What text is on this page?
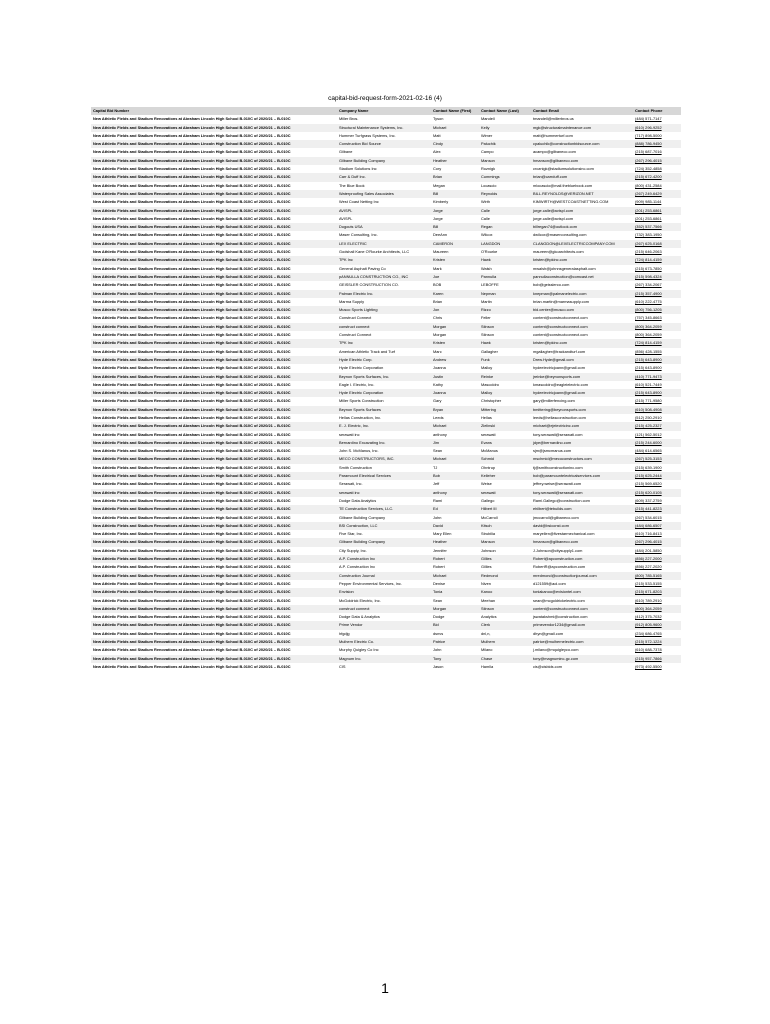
capital-bid-request-form-2021-02-16 (4)
Capital Bid Number	Company Name	Contact Name (First)	Contact Name (Last)	Contact Email	Contact Phone
New Athletic Fields and Stadium Renovations at Abraham Lincoln High School B-010C of 2020/21 – B-010C	Miller Bros.	Tyson	Mandell	tmandell@millerbros.us	(484) 571-7147
New Athletic Fields and Stadium Renovations at Abraham Lincoln High School B-010C of 2020/21 – B-010C	Structural Maintenance Systems, Inc.	Michael	Kelly	mgk@structuralmaintenance.com	(610) 296-9252
New Athletic Fields and Stadium Renovations at Abraham Lincoln High School B-010C of 2020/21 – B-010C	Hummer Turfgrass Systems, Inc.	Matt	Wimer	matt@hummerturf.com	(717) 898-5000
New Athletic Fields and Stadium Renovations at Abraham Lincoln High School B-010C of 2020/21 – B-010C	Construction Bid Source	Cindy	Paluchik	cpaluchik@constructionbidsource.com	(888) 786-9450
New Athletic Fields and Stadium Renovations at Abraham Lincoln High School B-010C of 2020/21 – B-010C	Gilbane	Alex	Campo	acampo@gilbaneco.com	(215) 687-7016
New Athletic Fields and Stadium Renovations at Abraham Lincoln High School B-010C of 2020/21 – B-010C	Gilbane Building Company	Heather	Manson	hmanson@gilbaneco.com	(267) 296-4015
New Athletic Fields and Stadium Renovations at Abraham Lincoln High School B-010C of 2020/21 – B-010C	Stadium Solutions Inc	Cory	Roznigk	croznigk@stadiumsolutionsinc.com	(724) 352-4858
New Athletic Fields and Stadium Renovations at Abraham Lincoln High School B-010C of 2020/21 – B-010C	Carr & Duff Inc.	Brian	Cummings	brian@carrduff.com	(215) 672-4200
New Athletic Fields and Stadium Renovations at Abraham Lincoln High School B-010C of 2020/21 – B-010C	The Blue Book	Megan	Locascio	mlocascio@mail.thebluebook.com	(800) 431-2584
New Athletic Fields and Stadium Renovations at Abraham Lincoln High School B-010C of 2020/21 – B-010C	Waterproofing Sales Associates	Bill	Reynolds	BILL.REYNOLDS@VERIZON.NET	(267) 249-6429
New Athletic Fields and Stadium Renovations at Abraham Lincoln High School B-010C of 2020/21 – B-010C	West Coast Netting Inc	Kimberly	Wirth	KIMWIRTH@WESTCOASTNETTING.COM	(909) 985-1144
New Athletic Fields and Stadium Renovations at Abraham Lincoln High School B-010C of 2020/21 – B-010C	AVISPL	Jorge	Calle	jorge.calle@avispl.com	(201) 253-6861
New Athletic Fields and Stadium Renovations at Abraham Lincoln High School B-010C of 2020/21 – B-010C	AVISPL	Jorge	Calle	jorge.calle@avispl.com	(201) 253-6861
New Athletic Fields and Stadium Renovations at Abraham Lincoln High School B-010C of 2020/21 – B-010C	Dugouts USA	Bill	Regan	billregan74@outlook.com	(352) 537-7566
New Athletic Fields and Stadium Renovations at Abraham Lincoln High School B-010C of 2020/21 – B-010C	Maser Consulting, Inc.	DeeAnn	Wilcox	dwilcox@maserconsulting.com	(732) 383-1950
New Athletic Fields and Stadium Renovations at Abraham Lincoln High School B-010C of 2020/21 – B-010C	LEX ELECTRIC	CAMERON	LANGDON	CLANGDON@LEXELECTRICCOMPANY.COM	(267) 625-0168
New Athletic Fields and Stadium Renovations at Abraham Lincoln High School B-010C of 2020/21 – B-010C	Godshall Kane O'Rourke Architects, LLC	Maureen	O'Rourke	maureen@gkoarchitects.com	(215) 646-2063
New Athletic Fields and Stadium Renovations at Abraham Lincoln High School B-010C of 2020/21 – B-010C	TPK Inc	Kristen	Hawk	kristen@tpkinc.com	(724) 814-4159
New Athletic Fields and Stadium Renovations at Abraham Lincoln High School B-010C of 2020/21 – B-010C	General Asphalt Paving Co	Mark	Walsh	mwalsh@johnnsgeneralasphalt.com	(215) 673-7850
New Athletic Fields and Stadium Renovations at Abraham Lincoln High School B-010C of 2020/21 – B-010C	pANNULLA CONSTRUCTION CO., INC	Joe	Pannulla	pannullaconstruction@comcast.net	(215) 598-4324
New Athletic Fields and Stadium Renovations at Abraham Lincoln High School B-010C of 2020/21 – B-010C	GEISSLER CONSTRUCTION CO.	BOB	LEBOFFE	bob@geisslerco.com	(267) 334-2067
New Athletic Fields and Stadium Renovations at Abraham Lincoln High School B-010C of 2020/21 – B-010C	Palman Electric Inc.	Karen	Nepman	knepman@palmanelectric.com	(215) 357-4900
New Athletic Fields and Stadium Renovations at Abraham Lincoln High School B-010C of 2020/21 – B-010C	Marma Supply	Brian	Martin	brian.martin@marmasupply.com	(610) 222-4775
New Athletic Fields and Stadium Renovations at Abraham Lincoln High School B-010C of 2020/21 – B-010C	Musco Sports Lighting	Jon	Rizzo	bid.center@musco.com	(800) 756-1205
New Athletic Fields and Stadium Renovations at Abraham Lincoln High School B-010C of 2020/21 – B-010C	Construct Connect	Chris	Feller	content@constructconnect.com	(757) 345-8663
New Athletic Fields and Stadium Renovations at Abraham Lincoln High School B-010C of 2020/21 – B-010C	construct connect	Morgan	Stinson	content@constructconnect.com	(800) 364-2059
New Athletic Fields and Stadium Renovations at Abraham Lincoln High School B-010C of 2020/21 – B-010C	Construct Connect	Morgan	Stinson	content@constructconnect.com	(800) 364-2059
New Athletic Fields and Stadium Renovations at Abraham Lincoln High School B-010C of 2020/21 – B-010C	TPK Inc	Kristen	Hawk	kristen@tpkinc.com	(724) 814-4159
New Athletic Fields and Stadium Renovations at Abraham Lincoln High School B-010C of 2020/21 – B-010C	American Athletic Track and Turf	Marc	Gallagher	mgallagher@trackandturf.com	(856) 428-1555
New Athletic Fields and Stadium Renovations at Abraham Lincoln High School B-010C of 2020/21 – B-010C	Hyde Electric Corp.	Andrew	Funk	Drew.Hyde@gmail.com	(215) 643-8900
New Athletic Fields and Stadium Renovations at Abraham Lincoln High School B-010C of 2020/21 – B-010C	Hyde Electric Corporation	Joanna	Malloy	hydeelectricjoann@gmail.com	(215) 643-8900
New Athletic Fields and Stadium Renovations at Abraham Lincoln High School B-010C of 2020/21 – B-010C	Beynon Sports Surfaces, Inc.	Justin	Reinke	jreinke@beynonsports.com	(410) 771-9473
New Athletic Fields and Stadium Renovations at Abraham Lincoln High School B-010C of 2020/21 – B-010C	Eagle I. Electric, Inc.	Kathy	Mascoldro	kmascoldro@eagleielectric.com	(610) 521-7449
New Athletic Fields and Stadium Renovations at Abraham Lincoln High School B-010C of 2020/21 – B-010C	Hyde Electric Corporation	Joanna	Malloy	hydeelectricjoann@gmail.com	(215) 643-8900
New Athletic Fields and Stadium Renovations at Abraham Lincoln High School B-010C of 2020/21 – B-010C	Miller Sports Construction	Gary	Christopher	gary@millerfencing.com	(215) 771-9580
New Athletic Fields and Stadium Renovations at Abraham Lincoln High School B-010C of 2020/21 – B-010C	Beynon Sports Surfaces	Bryan	Mittering	bmittering@beynonsports.com	(610) 508-4908
New Athletic Fields and Stadium Renovations at Abraham Lincoln High School B-010C of 2020/21 – B-010C	Hellas Construction, Inc.	Leeds	Hellas	leeds@hellasconstruction.com	(512) 250-2910
New Athletic Fields and Stadium Renovations at Abraham Lincoln High School B-010C of 2020/21 – B-010C	E. J. Electric, Inc.	Michael	Zielinski	michael@ejelectricinc.com	(215) 425-2327
New Athletic Fields and Stadium Renovations at Abraham Lincoln High School B-010C of 2020/21 – B-010C	serawati inc	anthony	serawati	tony.serawati@serawati.com	(121) 562-5012
New Athletic Fields and Stadium Renovations at Abraham Lincoln High School B-010C of 2020/21 – B-010C	Bernardino Excavating Inc.	Jim	Evans	jdye@bernardino.com	(215) 244-6000
New Athletic Fields and Stadium Renovations at Abraham Lincoln High School B-010C of 2020/21 – B-010C	John S. McManus, Inc.	Sean	McManus	sjm@jsmcmanus.com	(484) 614-6565
New Athletic Fields and Stadium Renovations at Abraham Lincoln High School B-010C of 2020/21 – B-010C	MECO CONSTRUCTORS, INC.	Michael	Schmid	mschmid@mecoconstructors.com	(267) 525-3153
New Athletic Fields and Stadium Renovations at Abraham Lincoln High School B-010C of 2020/21 – B-010C	Smith Construction	TJ	Ohntrup	tj@smithconstructioninc.com	(215) 639-1900
New Athletic Fields and Stadium Renovations at Abraham Lincoln High School B-010C of 2020/21 – B-010C	Paramount Electrical Services	Bob	Kelleher	bob@paramountelectricalservices.com	(215) 625-2444
New Athletic Fields and Stadium Renovations at Abraham Lincoln High School B-010C of 2020/21 – B-010C	Serawati, Inc.	Jeff	Weise	jeffrey.weise@serawati.com	(215) 569-6520
New Athletic Fields and Stadium Renovations at Abraham Lincoln High School B-010C of 2020/21 – B-010C	serawati inc	anthony	serawati	tony.serawati@serawati.com	(215) 620-0105
New Athletic Fields and Stadium Renovations at Abraham Lincoln High School B-010C of 2020/21 – B-010C	Dodge Data Analytics	Rami	Gallego	Rami.Gallego@construction.com	(609) 337-2759
New Athletic Fields and Stadium Renovations at Abraham Lincoln High School B-010C of 2020/21 – B-010C	TE Construction Services, LLC.	Ed	Hilbert III	ehilbert@tebuilds.com	(215) 441-8223
New Athletic Fields and Stadium Renovations at Abraham Lincoln High School B-010C of 2020/21 – B-010C	Gilbane Building Company	John	McCarroll	jmccarroll@gilbaneco.com	(267) 534-6015
New Athletic Fields and Stadium Renovations at Abraham Lincoln High School B-010C of 2020/21 – B-010C	BSI Construction, LLC	David	Kitsch	david@bsiconst.com	(484) 686-6507
New Athletic Fields and Stadium Renovations at Abraham Lincoln High School B-010C of 2020/21 – B-010C	Five Star, Inc.	Mary Ellen	Strubilia	maryellen@fivestarmechanical.com	(610) 716-8413
New Athletic Fields and Stadium Renovations at Abraham Lincoln High School B-010C of 2020/21 – B-010C	Gilbane Building Company	Heather	Manson	hmanson@gilbaneco.com	(267) 296-4015
New Athletic Fields and Stadium Renovations at Abraham Lincoln High School B-010C of 2020/21 – B-010C	City Supply, Inc.	Jennifer	Johnson	J.Johnson@citysupply1.com	(484) 201-5850
New Athletic Fields and Stadium Renovations at Abraham Lincoln High School B-010C of 2020/21 – B-010C	A.P. Construction Inc	Robert	Gillies	Robert@apconstruction.com	(856) 227-2000
New Athletic Fields and Stadium Renovations at Abraham Lincoln High School B-010C of 2020/21 – B-010C	A.P. Construction Inc	Robert	Gillies	RobertR@apconstruction.com	(856) 227-2020
New Athletic Fields and Stadium Renovations at Abraham Lincoln High School B-010C of 2020/21 – B-010C	Construction Journal	Michael	Redmond	mredmond@constructionjournal.com	(800) 785-5165
New Athletic Fields and Stadium Renovations at Abraham Lincoln High School B-010C of 2020/21 – B-010C	Pepper Environmental Services, Inc.	Denise	Niven	d121559@aol.com	(215) 533-5155
New Athletic Fields and Stadium Renovations at Abraham Lincoln High School B-010C of 2020/21 – B-010C	Envision	Tonia	Kanoo	toniakanoo@evisiontel.com	(215) 671-8203
New Athletic Fields and Stadium Renovations at Abraham Lincoln High School B-010C of 2020/21 – B-010C	McGoldrick Electric, Inc.	Sean	Meehan	sean@mcgoldrickelectric.com	(610) 789-2910
New Athletic Fields and Stadium Renovations at Abraham Lincoln High School B-010C of 2020/21 – B-010C	construct connect	Morgan	Stinson	content@constructconnect.com	(800) 364-2059
New Athletic Fields and Stadium Renovations at Abraham Lincoln High School B-010C of 2020/21 – B-010C	Dodge Data & Analytics	Dodge	Analytics	jswatakshmi@construction.com	(412) 375-7032
New Athletic Fields and Stadium Renovations at Abraham Lincoln High School B-010C of 2020/21 – B-010C	Prime Vendor	Bid	Clerk	primevendor1234@gmail.com	(912) 805-9600
New Athletic Fields and Stadium Renovations at Abraham Lincoln High School B-010C of 2020/21 – B-010C	hfgdjg	dsnvs	dnl,n,	dhyn@gmail.com	(234) 686-4765
New Athletic Fields and Stadium Renovations at Abraham Lincoln High School B-010C of 2020/21 – B-010C	Mulhern Electric Co.	Patrice	Mulhern	patrice@mulhernelectric.com	(215) 572-1224
New Athletic Fields and Stadium Renovations at Abraham Lincoln High School B-010C of 2020/21 – B-010C	Murphy Quigley Co Inc	John	Milano	j.milano@mquigleyco.com	(610) 688-7378
New Athletic Fields and Stadium Renovations at Abraham Lincoln High School B-010C of 2020/21 – B-010C	Magnum Inc.	Tony	Chase	tony@magnuminc-gc.com	(215) 957-7866
New Athletic Fields and Stadium Renovations at Abraham Lincoln High School B-010C of 2020/21 – B-010C	CIS	Jason	Hamlla	cis@cisbids.com	(973) 492-5500
1
